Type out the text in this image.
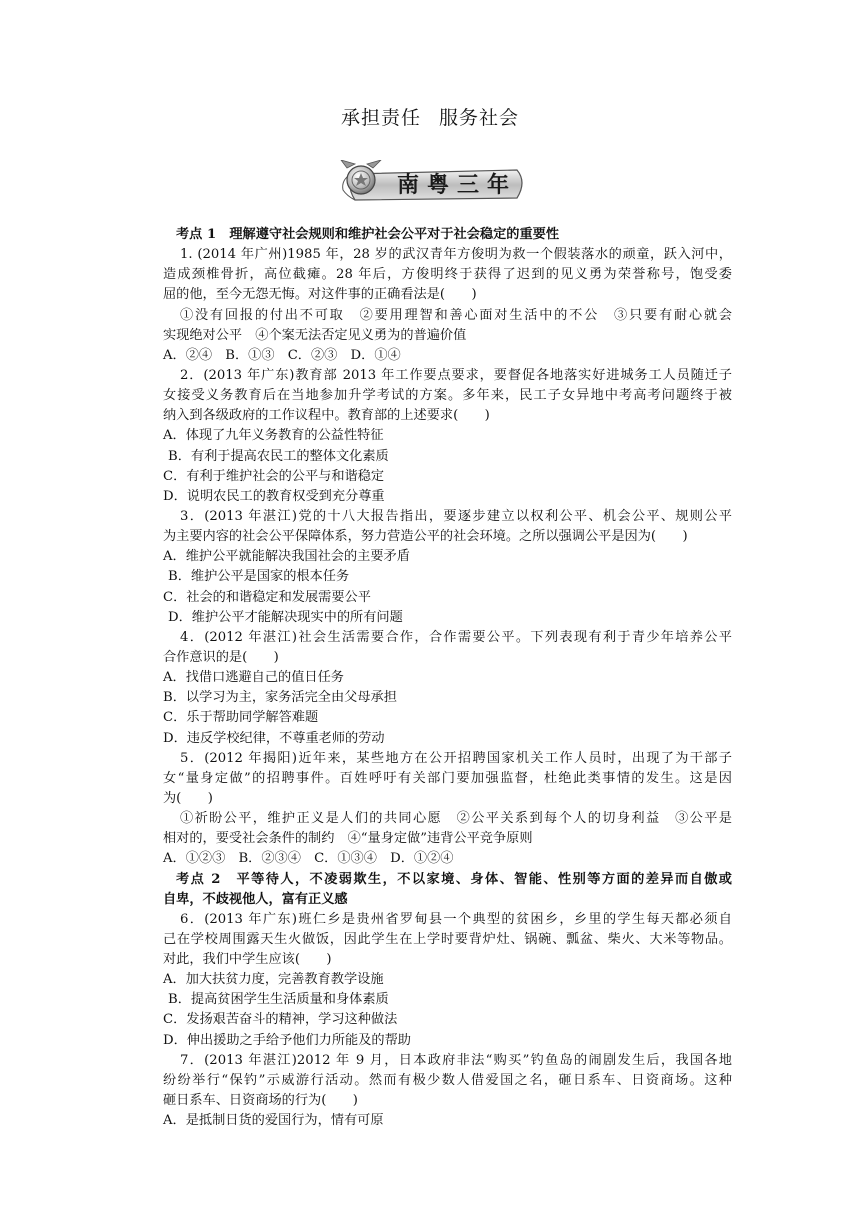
承担责任 服务社会
南粤三年
考点 1　理解遵守社会规则和维护社会公平对于社会稳定的重要性
1. (2014 年广州)1985 年，28 岁的武汉青年方俊明为救一个假装落水的顽童，跃入河中，
造成颈椎骨折，高位截瘫。28 年后，方俊明终于获得了迟到的见义勇为荣誉称号，饱受委
屈的他，至今无怨无悔。对这件事的正确看法是(　　)
①没有回报的付出不可取　②要用理智和善心面对生活中的不公　③只要有耐心就会
实现绝对公平　④个案无法否定见义勇为的普遍价值
A．②④　B．①③　C．②③　D．①④
2．(2013 年广东)教育部 2013 年工作要点要求，要督促各地落实好进城务工人员随迁子
女接受义务教育后在当地参加升学考试的方案。多年来，民工子女异地中考高考问题终于被
纳入到各级政府的工作议程中。教育部的上述要求(　　)
A．体现了九年义务教育的公益性特征
B．有利于提高农民工的整体文化素质
C．有利于维护社会的公平与和谐稳定
D．说明农民工的教育权受到充分尊重
3．(2013 年湛江)党的十八大报告指出，要逐步建立以权利公平、机会公平、规则公平
为主要内容的社会公平保障体系，努力营造公平的社会环境。之所以强调公平是因为(　　)
A．维护公平就能解决我国社会的主要矛盾
B．维护公平是国家的根本任务
C．社会的和谐稳定和发展需要公平
D．维护公平才能解决现实中的所有问题
4．(2012 年湛江)社会生活需要合作，合作需要公平。下列表现有利于青少年培养公平
合作意识的是(　　)
A．找借口逃避自己的值日任务
B．以学习为主，家务活完全由父母承担
C．乐于帮助同学解答难题
D．违反学校纪律，不尊重老师的劳动
5．(2012 年揭阳)近年来，某些地方在公开招聘国家机关工作人员时，出现了为干部子
女“量身定做”的招聘事件。百姓呼吁有关部门要加强监督，杜绝此类事情的发生。这是因
为(　　)
①祈盼公平，维护正义是人们的共同心愿　②公平关系到每个人的切身利益　③公平是
相对的，要受社会条件的制约　④“量身定做”违背公平竞争原则
A．①②③　B．②③④　C．①③④　D．①②④
考点 2　平等待人，不凌弱欺生，不以家境、身体、智能、性别等方面的差异而自傲或
自卑，不歧视他人，富有正义感
6．(2013 年广东)班仁乡是贵州省罗甸县一个典型的贫困乡，乡里的学生每天都必须自
己在学校周围露天生火做饭，因此学生在上学时要背炉灶、锅碗、瓢盆、柴火、大米等物品。
对此，我们中学生应该(　　)
A．加大扶贫力度，完善教育教学设施
B．提高贫困学生生活质量和身体素质
C．发扬艰苦奋斗的精神，学习这种做法
D．伸出援助之手给予他们力所能及的帮助
7．(2013 年湛江)2012 年 9 月，日本政府非法“购买”钓鱼岛的闹剧发生后，我国各地
纷纷举行“保钓”示威游行活动。然而有极少数人借爱国之名，砸日系车、日资商场。这种
砸日系车、日资商场的行为(　　)
A．是抵制日货的爱国行为，情有可原
